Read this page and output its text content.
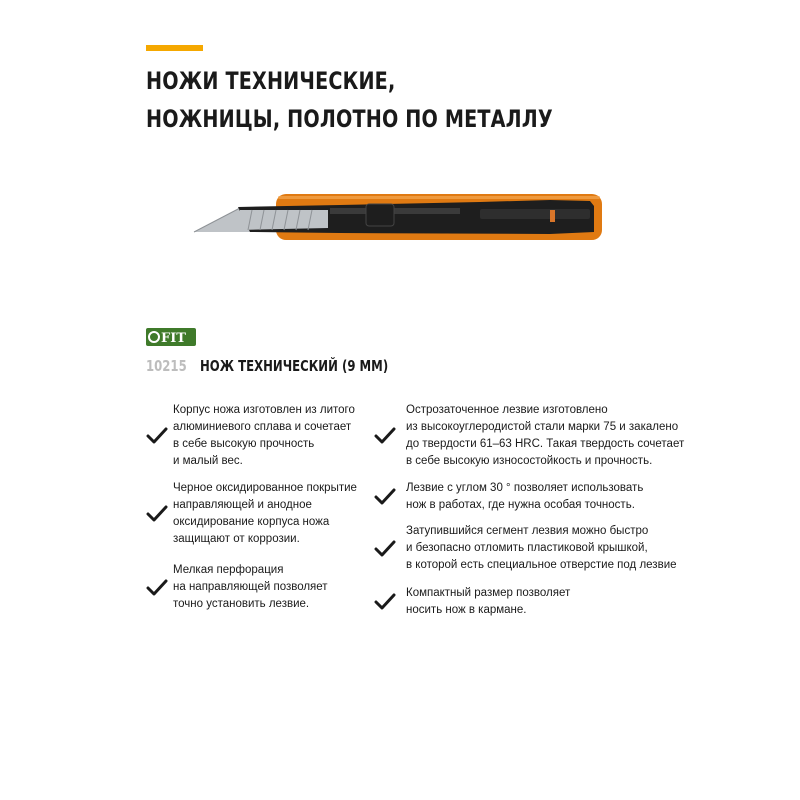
НОЖИ ТЕХНИЧЕСКИЕ,
НОЖНИЦЫ, ПОЛОТНО ПО МЕТАЛЛУ
FIT
10215 НОЖ ТЕХНИЧЕСКИЙ (9 ММ)

Корпус ножа изготовлен из литого
алюминиевого сплава и сочетает
в себе высокую прочность
и малый вес.

Черное оксидированное покрытие
направляющей и анодное
оксидирование корпуса ножа
защищают от коррозии.

Мелкая перфорация
на направляющей позволяет
точно установить лезвие.

Острозаточенное лезвие изготовлено
из высокоуглеродистой стали марки 75 и закалено
до твердости 61–63 HRC. Такая твердость сочетает
в себе высокую износостойкость и прочность.

Лезвие с углом 30 ° позволяет использовать
нож в работах, где нужна особая точность.

Затупившийся сегмент лезвия можно быстро
и безопасно отломить пластиковой крышкой,
в которой есть специальное отверстие под лезвие

Компактный размер позволяет
носить нож в кармане.
